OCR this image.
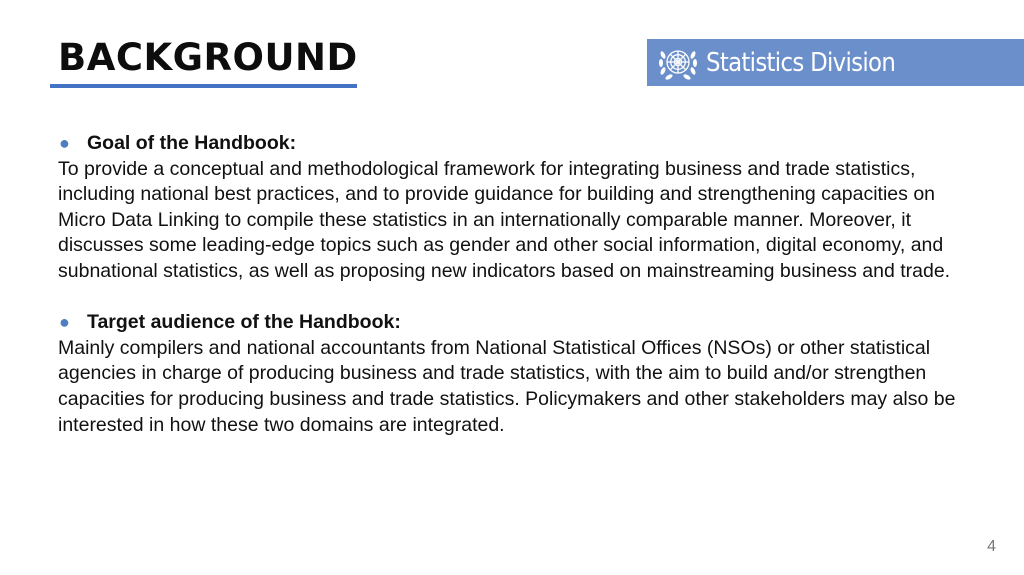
BACKGROUND	Statistics Division
● Goal of the Handbook:

To provide a conceptual and methodological framework for integrating business and trade statistics, including national best practices, and to provide guidance for building and strengthening capacities on Micro Data Linking to compile these statistics in an internationally comparable manner. Moreover, it discusses some leading-edge topics such as gender and other social information, digital economy, and subnational statistics, as well as proposing new indicators based on mainstreaming business and trade.

● Target audience of the Handbook:

Mainly compilers and national accountants from National Statistical Offices (NSOs) or other statistical agencies in charge of producing business and trade statistics, with the aim to build and/or strengthen capacities for producing business and trade statistics. Policymakers and other stakeholders may also be interested in how these two domains are integrated.

4
